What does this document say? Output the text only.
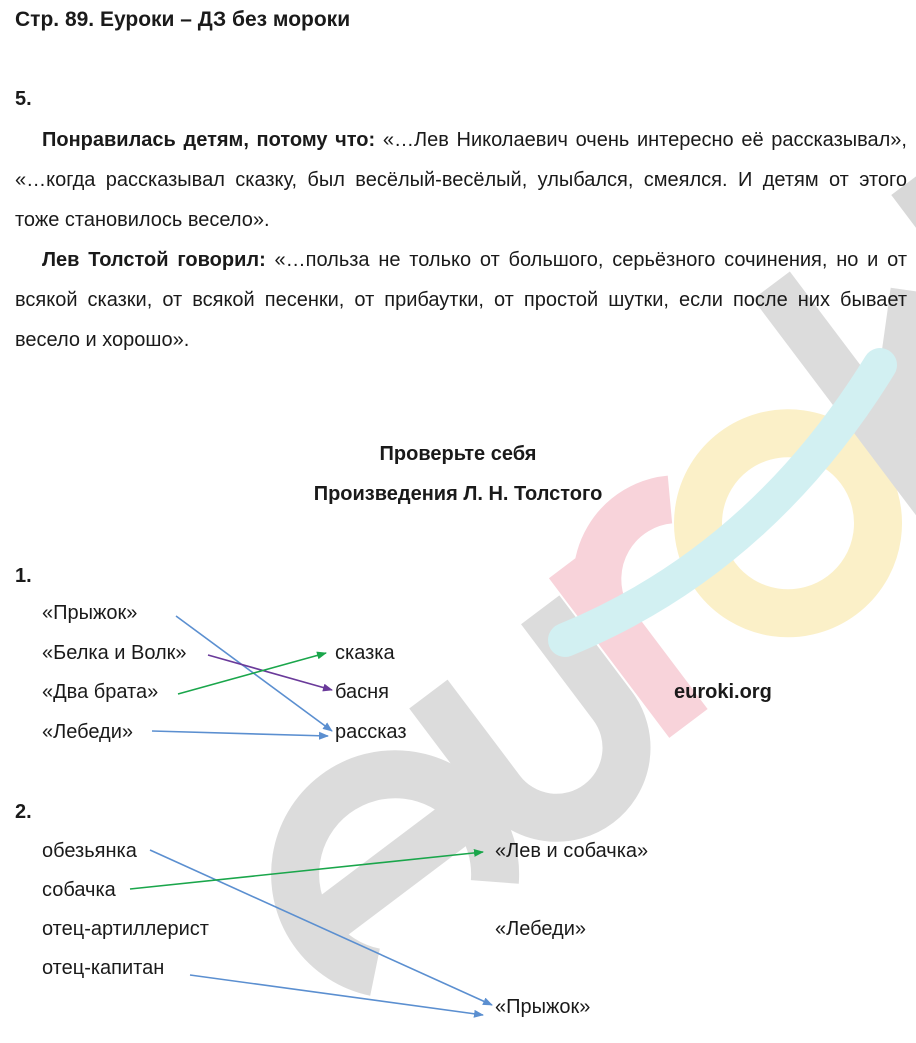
Стр. 89. Еуроки – ДЗ без мороки
5.

Понравилась детям, потому что: «…Лев Николаевич очень интересно её рассказывал», «…когда рассказывал сказку, был весёлый-весёлый, улыбался, смеялся. И детям от этого тоже становилось весело».

Лев Толстой говорил: «…польза не только от большого, серьёзного сочинения, но и от всякой сказки, от всякой песенки, от прибаутки, от простой шутки, если после них бывает весело и хорошо».

Проверьте себя
Произведения Л. Н. Толстого
1.
«Прыжок»
«Белка и Волк»
«Два брата»
«Лебеди»
сказка
басня
рассказ
euroki.org
2.
обезьянка
собачка
отец-артиллерист
отец-капитан
«Лев и собачка»
«Лебеди»
«Прыжок»
